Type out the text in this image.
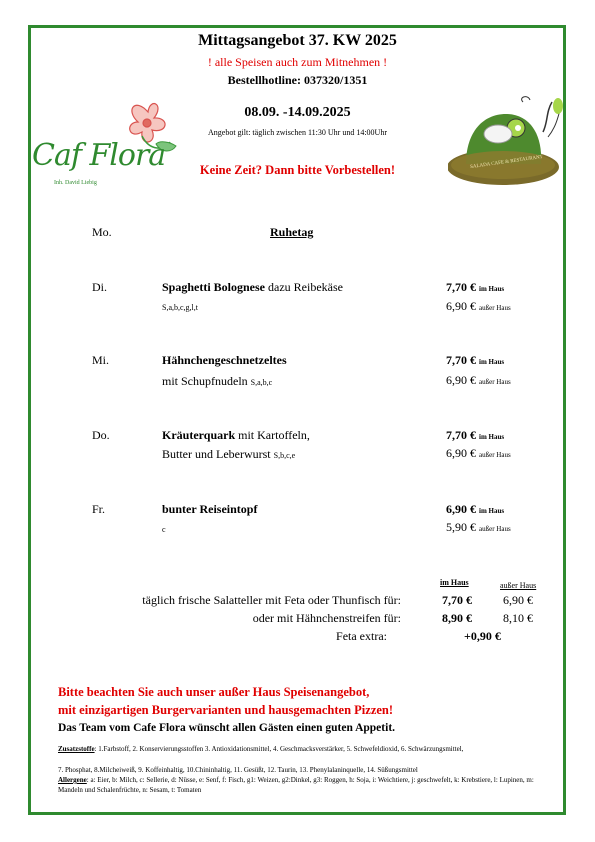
Mittagsangebot 37. KW 2025
! alle Speisen auch zum Mitnehmen !
Bestellhotline: 037320/1351
08.09. -14.09.2025
Angebot gilt: täglich zwischen 11:30 Uhr und 14:00Uhr
Keine Zeit? Dann bitte Vorbestellen!
Caf Flora
Inh. David Liebig
SALADA CAFE & RESTAURANT
Mo.	Ruhetag
Di.	Spaghetti Bolognese dazu Reibekäse
S,a,b,c,g,l,t
7,70 € im Haus
6,90 € außer Haus
Mi.	Hähnchengeschnetzeltes
mit Schupfnudeln S,a,b,c
7,70 € im Haus
6,90 € außer Haus
Do.	Kräuterquark mit Kartoffeln,
Butter und Leberwurst S,b,c,e
7,70 € im Haus
6,90 € außer Haus
Fr.	bunter Reiseintopf
c
6,90 € im Haus
5,90 € außer Haus
im Haus	außer Haus
täglich frische Salatteller mit Feta oder Thunfisch für:	7,70 €	6,90 €
oder mit Hähnchenstreifen für:	8,90 €	8,10 €
Feta extra:	+0,90 €
Bitte beachten Sie auch unser außer Haus Speisenangebot,
mit einzigartigen Burgervarianten und hausgemachten Pizzen!
Das Team vom Cafe Flora wünscht allen Gästen einen guten Appetit.
Zusatzstoffe: 1.Farbstoff, 2. Konservierungsstoffen 3. Antioxidationsmittel, 4. Geschmacksverstärker, 5. Schwefeldioxid, 6. Schwärzungsmittel,
7. Phosphat, 8.Milcheiweiß, 9. Koffeinhaltig, 10.Chininhaltig, 11. Gesüßt, 12. Taurin, 13. Phenylalaninquelle, 14. Süßungsmittel
Allergene: a: Eier, b: Milch, c: Sellerie, d: Nüsse, e: Senf, f: Fisch, g1: Weizen, g2:Dinkel, g3: Roggen, h: Soja, i: Weichtiere, j: geschwefelt, k: Krebstiere, l: Lupinen, m: Mandeln und Schalenfrüchte, n: Sesam, t: Tomaten
